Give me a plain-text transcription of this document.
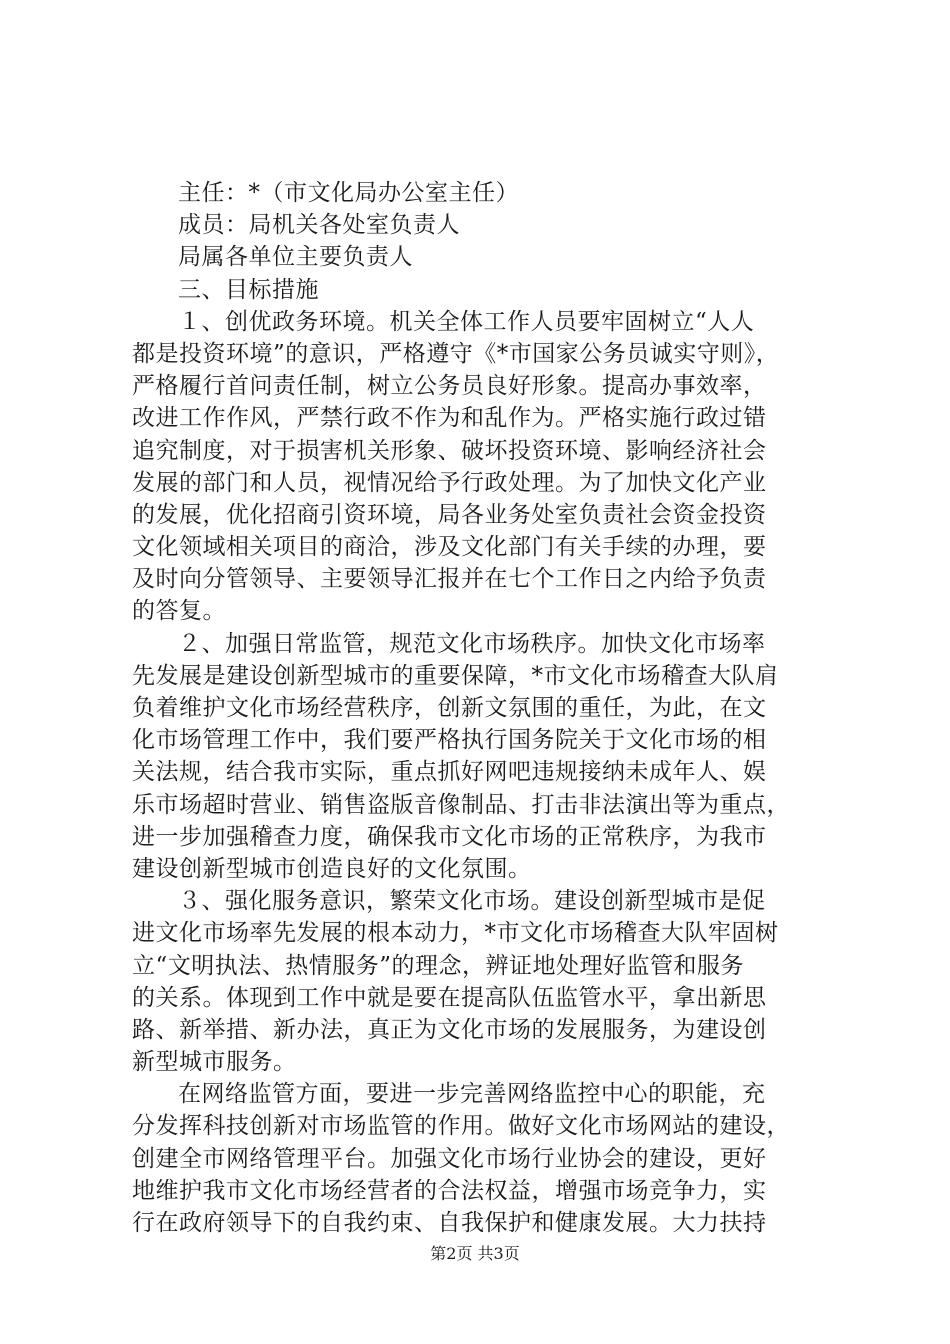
主任：*（市文化局办公室主任）
成员：局机关各处室负责人
局属各单位主要负责人
三、目标措施
１、创优政务环境。机关全体工作人员要牢固树立“人人
都是投资环境”的意识，严格遵守《*市国家公务员诚实守则》，
严格履行首问责任制，树立公务员良好形象。提高办事效率，
改进工作作风，严禁行政不作为和乱作为。严格实施行政过错
追究制度，对于损害机关形象、破坏投资环境、影响经济社会
发展的部门和人员，视情况给予行政处理。为了加快文化产业
的发展，优化招商引资环境，局各业务处室负责社会资金投资
文化领域相关项目的商洽，涉及文化部门有关手续的办理，要
及时向分管领导、主要领导汇报并在七个工作日之内给予负责
的答复。
２、加强日常监管，规范文化市场秩序。加快文化市场率
先发展是建设创新型城市的重要保障，*市文化市场稽查大队肩
负着维护文化市场经营秩序，创新文氛围的重任，为此，在文
化市场管理工作中，我们要严格执行国务院关于文化市场的相
关法规，结合我市实际，重点抓好网吧违规接纳未成年人、娱
乐市场超时营业、销售盗版音像制品、打击非法演出等为重点，
进一步加强稽查力度，确保我市文化市场的正常秩序，为我市
建设创新型城市创造良好的文化氛围。
３、强化服务意识，繁荣文化市场。建设创新型城市是促
进文化市场率先发展的根本动力，*市文化市场稽查大队牢固树
立“文明执法、热情服务”的理念，辨证地处理好监管和服务
的关系。体现到工作中就是要在提高队伍监管水平，拿出新思
路、新举措、新办法，真正为文化市场的发展服务，为建设创
新型城市服务。
在网络监管方面，要进一步完善网络监控中心的职能，充
分发挥科技创新对市场监管的作用。做好文化市场网站的建设，
创建全市网络管理平台。加强文化市场行业协会的建设，更好
地维护我市文化市场经营者的合法权益，增强市场竞争力，实
行在政府领导下的自我约束、自我保护和健康发展。大力扶持
第2页 共3页
